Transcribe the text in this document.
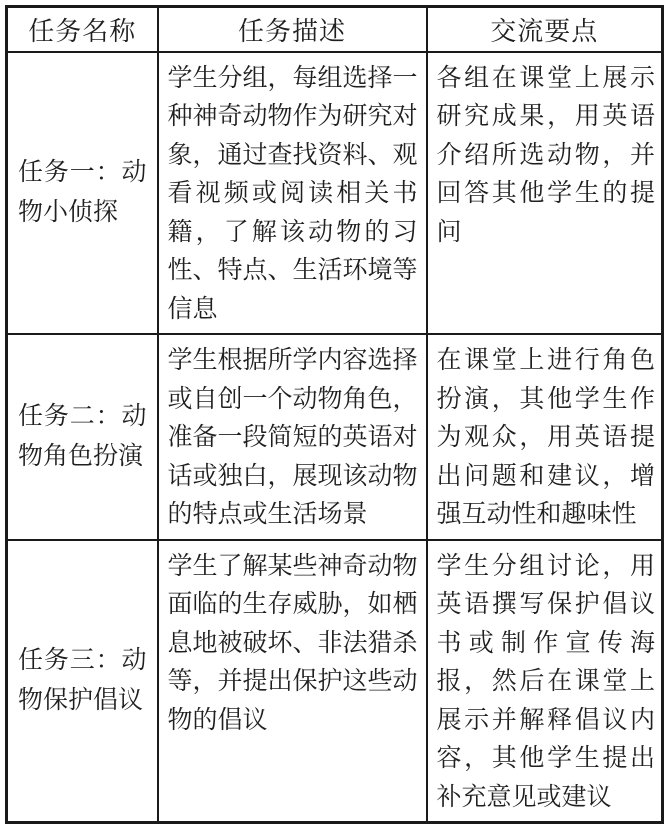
任务名称	任务描述	交流要点
任务一：动物小侦探	学生分组，每组选择一种神奇动物作为研究对象，通过查找资料、观看视频或阅读相关书籍，了解该动物的习性、特点、生活环境等信息	各组在课堂上展示研究成果，用英语介绍所选动物，并回答其他学生的提问
任务二：动物角色扮演	学生根据所学内容选择或自创一个动物角色，准备一段简短的英语对话或独白，展现该动物的特点或生活场景	在课堂上进行角色扮演，其他学生作为观众，用英语提出问题和建议，增强互动性和趣味性
任务三：动物保护倡议	学生了解某些神奇动物面临的生存威胁，如栖息地被破坏、非法猎杀等，并提出保护这些动物的倡议	学生分组讨论，用英语撰写保护倡议书或制作宣传海报，然后在课堂上展示并解释倡议内容，其他学生提出补充意见或建议
